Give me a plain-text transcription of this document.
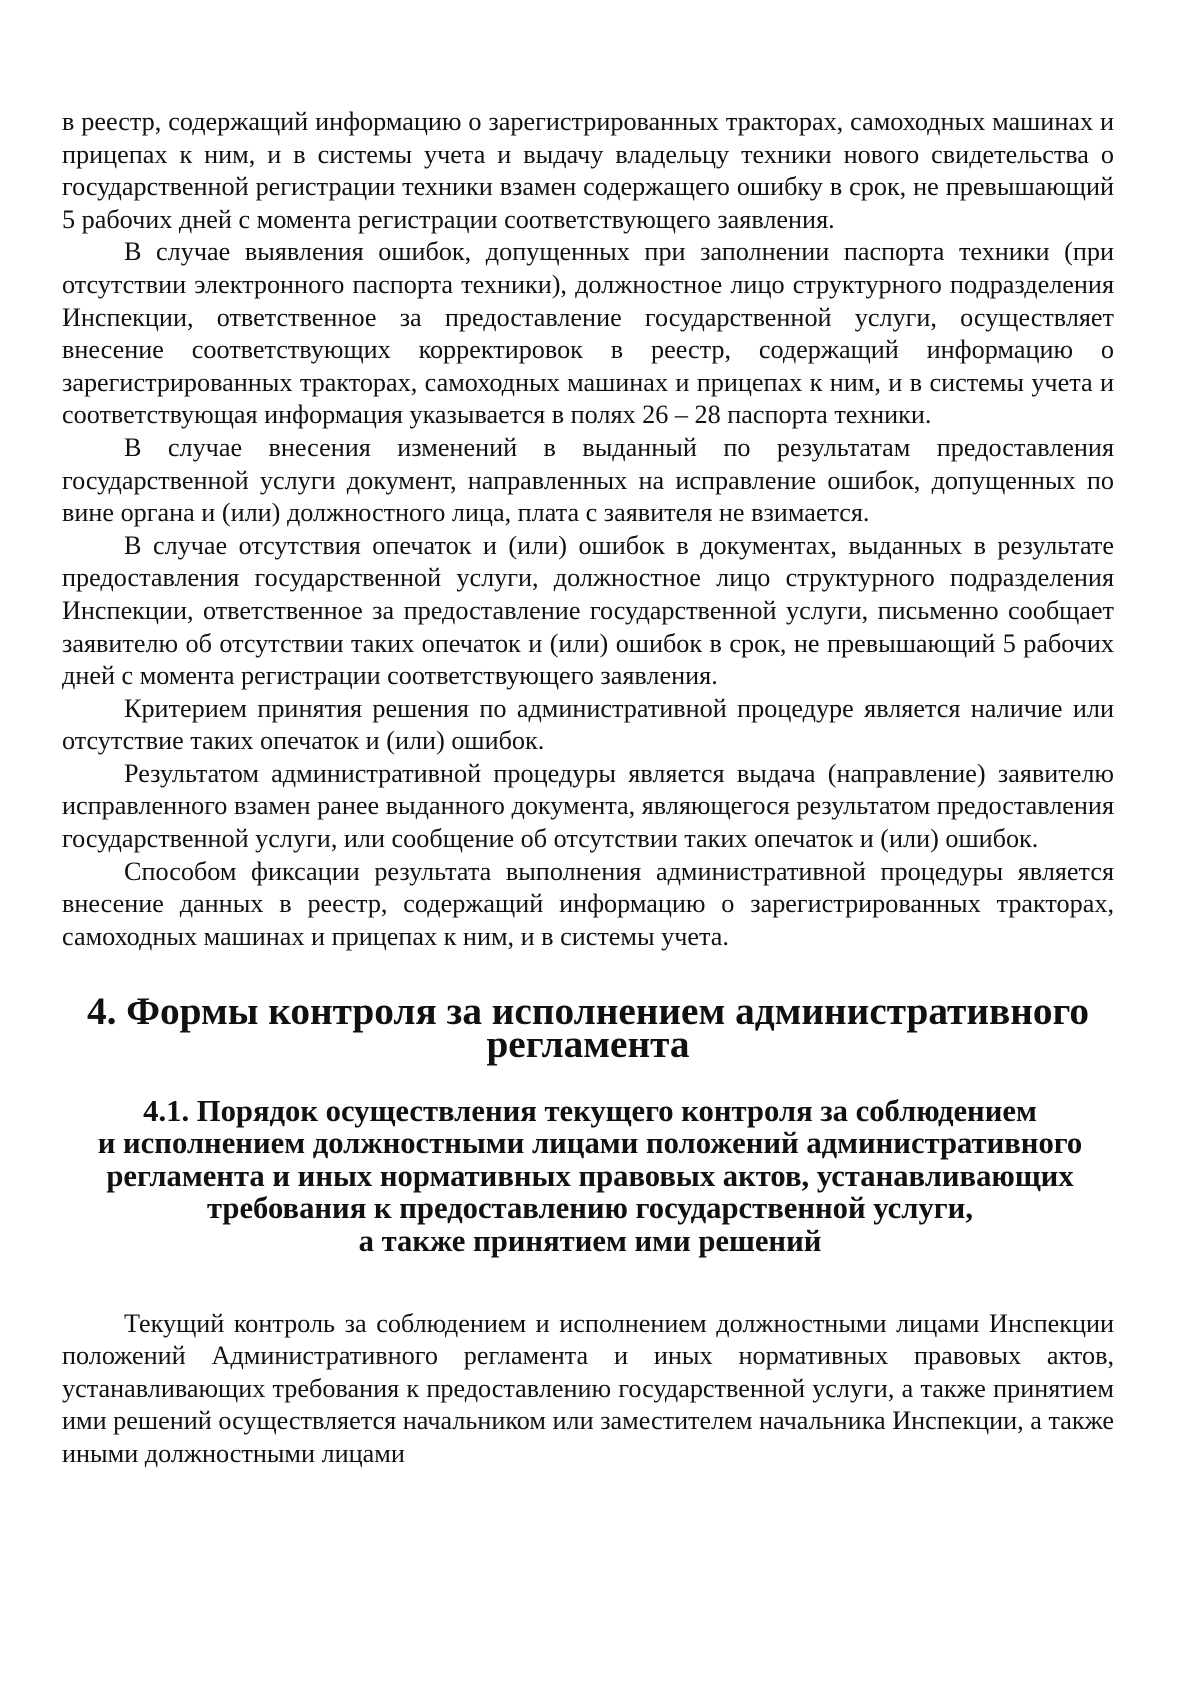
в реестр, содержащий информацию о зарегистрированных тракторах, самоходных машинах и прицепах к ним, и в системы учета и выдачу владельцу техники нового свидетельства о государственной регистрации техники взамен содержащего ошибку в срок, не превышающий 5 рабочих дней с момента регистрации соответствующего заявления.

В случае выявления ошибок, допущенных при заполнении паспорта техники (при отсутствии электронного паспорта техники), должностное лицо структурного подразделения Инспекции, ответственное за предоставление государственной услуги, осуществляет внесение соответствующих корректировок в реестр, содержащий информацию о зарегистрированных тракторах, самоходных машинах и прицепах к ним, и в системы учета и соответствующая информация указывается в полях 26 – 28 паспорта техники.

В случае внесения изменений в выданный по результатам предоставления государственной услуги документ, направленных на исправление ошибок, допущенных по вине органа и (или) должностного лица, плата с заявителя не взимается.

В случае отсутствия опечаток и (или) ошибок в документах, выданных в результате предоставления государственной услуги, должностное лицо структурного подразделения Инспекции, ответственное за предоставление государственной услуги, письменно сообщает заявителю об отсутствии таких опечаток и (или) ошибок в срок, не превышающий 5 рабочих дней с момента регистрации соответствующего заявления.

Критерием принятия решения по административной процедуре является наличие или отсутствие таких опечаток и (или) ошибок.

Результатом административной процедуры является выдача (направление) заявителю исправленного взамен ранее выданного документа, являющегося результатом предоставления государственной услуги, или сообщение об отсутствии таких опечаток и (или) ошибок.

Способом фиксации результата выполнения административной процедуры является внесение данных в реестр, содержащий информацию о зарегистрированных тракторах, самоходных машинах и прицепах к ним, и в системы учета.

4. Формы контроля за исполнением административного регламента
4.1. Порядок осуществления текущего контроля за соблюдением
и исполнением должностными лицами положений административного
регламента и иных нормативных правовых актов, устанавливающих
требования к предоставлению государственной услуги,
а также принятием ими решений

Текущий контроль за соблюдением и исполнением должностными лицами Инспекции положений Административного регламента и иных нормативных правовых актов, устанавливающих требования к предоставлению государственной услуги, а также принятием ими решений осуществляется начальником или заместителем начальника Инспекции, а также иными должностными лицами
